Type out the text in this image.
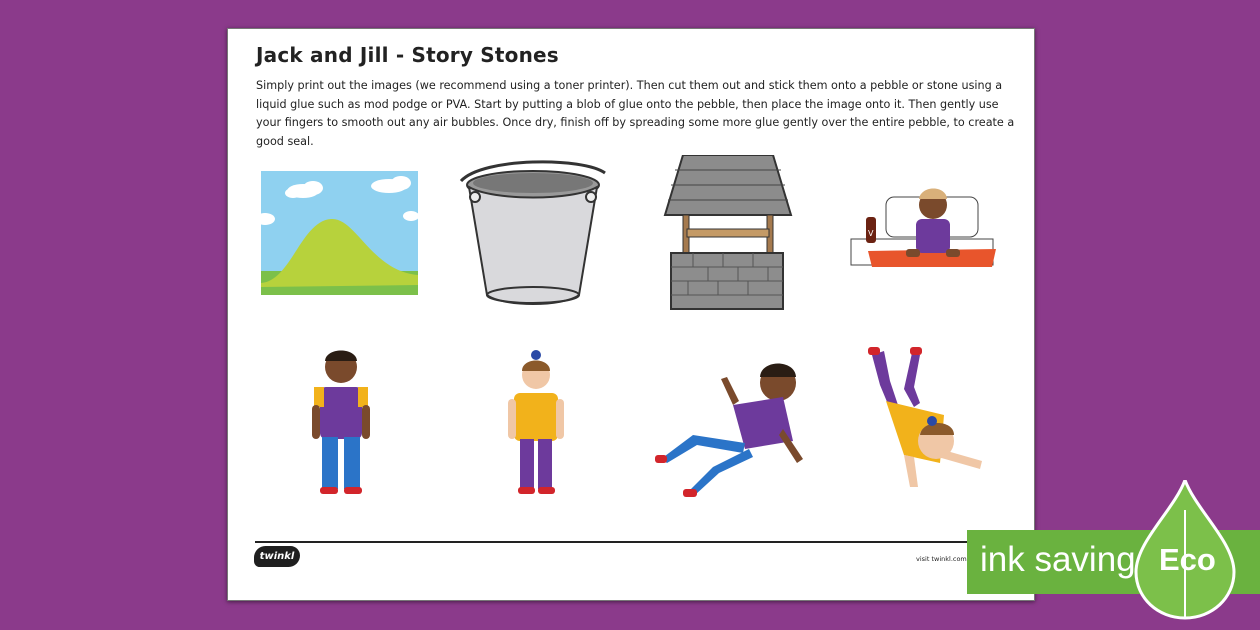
Jack and Jill - Story Stones
Simply print out the images (we recommend using a toner printer). Then cut them out and stick them onto a pebble or stone using a liquid glue such as mod podge or PVA. Start by putting a blob of glue onto the pebble, then place the image onto it. Then gently use your fingers to smooth out any air bubbles. Once dry, finish off by spreading some more glue gently over the entire pebble, to create a good seal.
V
twinkl	visit twinkl.com ink saving Eco
